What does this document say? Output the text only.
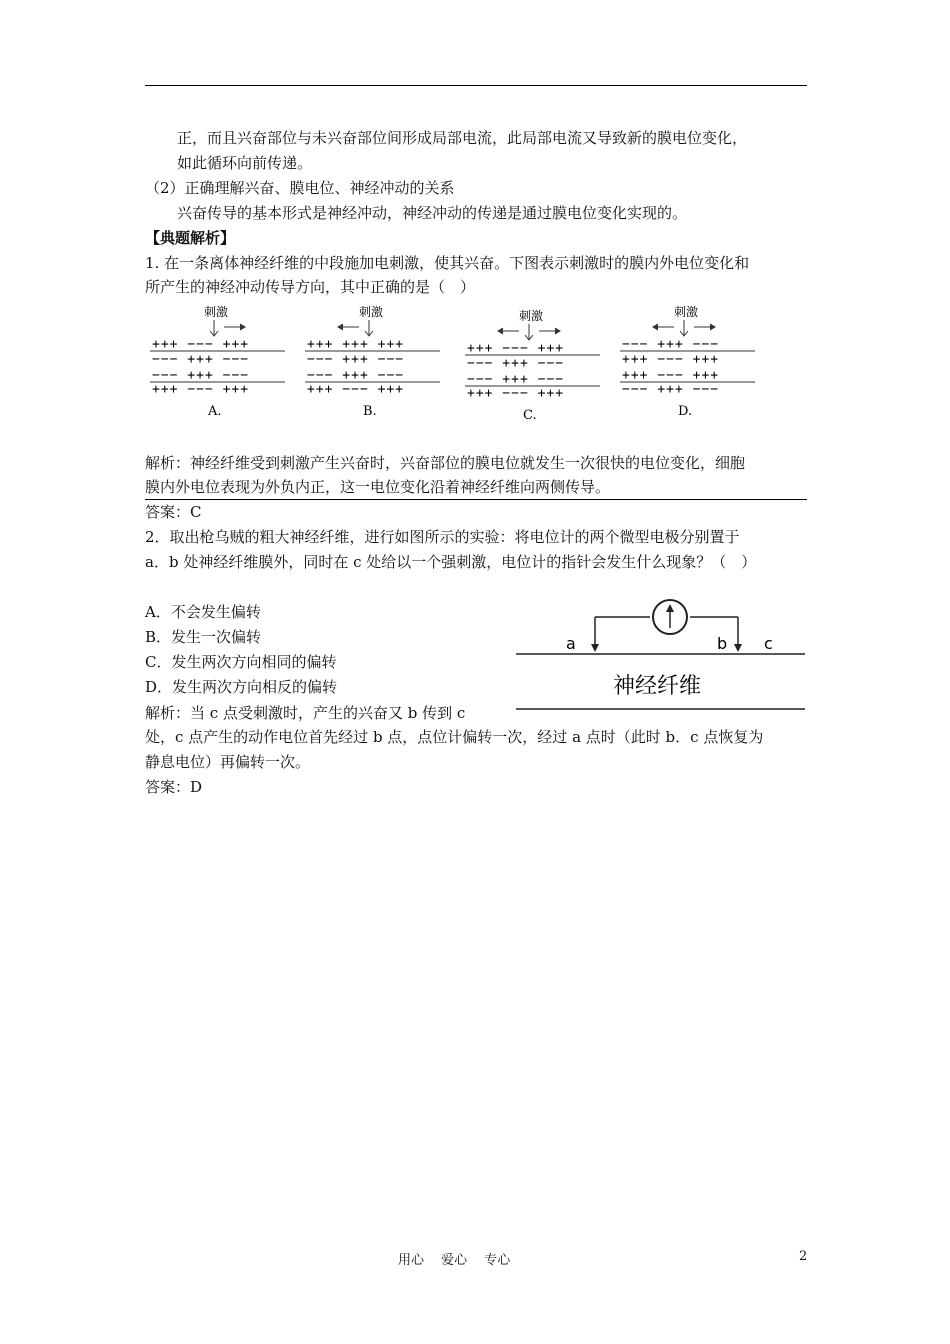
正，而且兴奋部位与未兴奋部位间形成局部电流，此局部电流又导致新的膜电位变化，
如此循环向前传递。
（2）正确理解兴奋、膜电位、神经冲动的关系
兴奋传导的基本形式是神经冲动，神经冲动的传递是通过膜电位变化实现的。
【典题解析】
1. 在一条离体神经纤维的中段施加电刺激，使其兴奋。下图表示刺激时的膜内外电位变化和
所产生的神经冲动传导方向，其中正确的是（　）
刺激
+++ −−− +++
−−− +++ −−−
−−− +++ −−−
+++ −−− +++
A.
刺激
+++ +++ +++
−−− +++ −−−
−−− +++ −−−
+++ −−− +++
B.
刺激
+++ −−− +++
−−− +++ −−−
−−− +++ −−−
+++ −−− +++
C.
刺激
−−− +++ −−−
+++ −−− +++
+++ −−− +++
−−− +++ −−−
D.
解析：神经纤维受到刺激产生兴奋时，兴奋部位的膜电位就发生一次很快的电位变化，细胞
膜内外电位表现为外负内正，这一电位变化沿着神经纤维向两侧传导。
答案：C
2．取出枪乌贼的粗大神经纤维，进行如图所示的实验：将电位计的两个微型电极分别置于
a．b 处神经纤维膜外，同时在 c 处给以一个强刺激，电位计的指针会发生什么现象？（　）
A．不会发生偏转
B．发生一次偏转
C．发生两次方向相同的偏转
D．发生两次方向相反的偏转
a	b c
神经纤维
解析：当 c 点受刺激时，产生的兴奋又 b 传到 c
处，c 点产生的动作电位首先经过 b 点，点位计偏转一次，经过 a 点时（此时 b．c 点恢复为
静息电位）再偏转一次。
答案：D
用心　 爱心　 专心	2
